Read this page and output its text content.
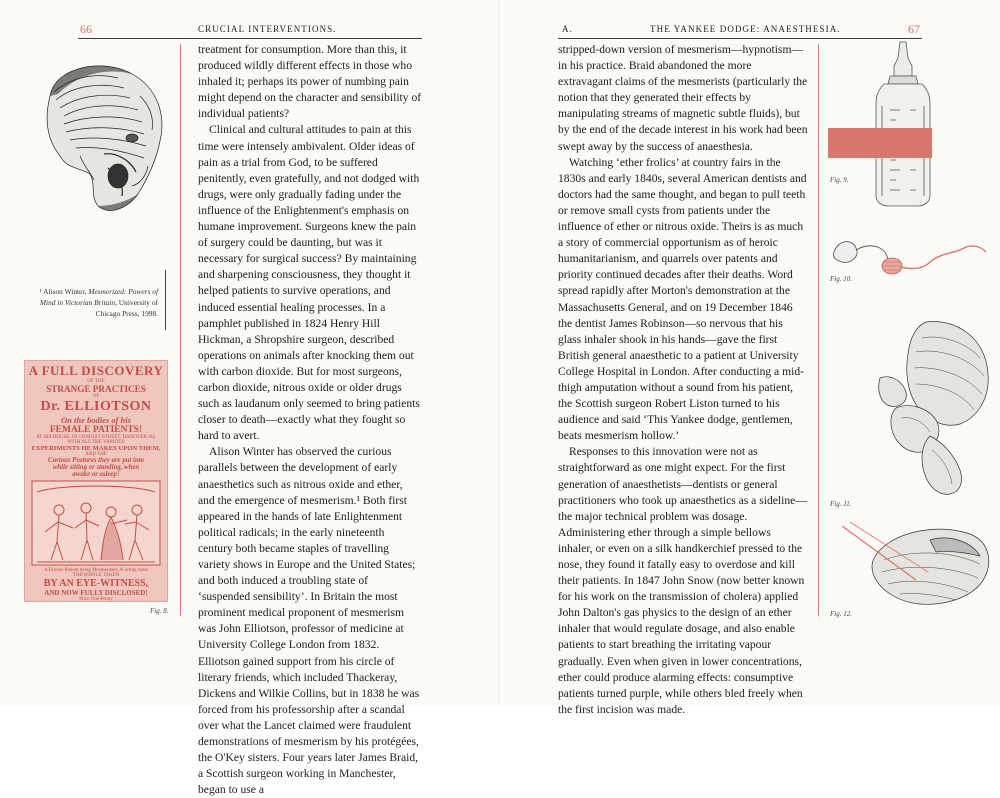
66	CRUCIAL INTERVENTIONS.
¹ Alison Winter, Mesmerized: Powers of Mind in Victorian Britain, University of Chicago Press, 1998.
A FULL DISCOVERY
OF THE
STRANGE PRACTICES
OF
Dr. ELLIOTSON
On the bodies of his
FEMALE PATIENTS!
AT HIS HOUSE, IN CONDUIT STREET, HANOVER SQ.
WITH ALL THE VARIOUS
EXPERIMENTS HE MAKES UPON THEM,
AND THE
Curious Postures they are put into
while sitting or standing, when
awake or asleep!
A Female Patient being Mesmerized, & acting upon
THE WHOLE TAKEN
BY AN EYE-WITNESS,
AND NOW FULLY DISCLOSED!
Price One Penny
Fig. 8.

treatment for consumption. More than this, it produced wildly different effects in those who inhaled it; perhaps its power of numbing pain might depend on the character and sensibility of individual patients?

Clinical and cultural attitudes to pain at this time were intensely ambivalent. Older ideas of pain as a trial from God, to be suffered penitently, even gratefully, and not dodged with drugs, were only gradually fading under the influence of the Enlightenment's emphasis on humane improvement. Surgeons knew the pain of surgery could be daunting, but was it necessary for surgical success? By maintaining and sharpening consciousness, they thought it helped patients to survive operations, and induced essential healing processes. In a pamphlet published in 1824 Henry Hill Hickman, a Shropshire surgeon, described operations on animals after knocking them out with carbon dioxide. But for most surgeons, carbon dioxide, nitrous oxide or older drugs such as laudanum only seemed to bring patients closer to death—exactly what they fought so hard to avert.

Alison Winter has observed the curious parallels between the development of early anaesthetics such as nitrous oxide and ether, and the emergence of mesmerism.¹ Both first appeared in the hands of late Enlightenment political radicals; in the early nineteenth century both became staples of travelling variety shows in Europe and the United States; and both induced a troubling state of ‘suspended sensibility’. In Britain the most prominent medical proponent of mesmerism was John Elliotson, professor of medicine at University College London from 1832. Elliotson gained support from his circle of literary friends, which included Thackeray, Dickens and Wilkie Collins, but in 1838 he was forced from his professorship after a scandal over what the Lancet claimed were fraudulent demonstrations of mesmerism by his protégées, the O'Key sisters. Four years later James Braid, a Scottish surgeon working in Manchester, began to use a

A.	THE YANKEE DODGE: ANAESTHESIA.	67

stripped-down version of mesmerism—hypnotism—in his practice. Braid abandoned the more extravagant claims of the mesmerists (particularly the notion that they generated their effects by manipulating streams of magnetic subtle fluids), but by the end of the decade interest in his work had been swept away by the success of anaesthesia.

Watching ‘ether frolics’ at country fairs in the 1830s and early 1840s, several American dentists and doctors had the same thought, and began to pull teeth or remove small cysts from patients under the influence of ether or nitrous oxide. Theirs is as much a story of commercial opportunism as of heroic humanitarianism, and quarrels over patents and priority continued decades after their deaths. Word spread rapidly after Morton's demonstration at the Massachusetts General, and on 19 December 1846 the dentist James Robinson—so nervous that his glass inhaler shook in his hands—gave the first British general anaesthetic to a patient at University College Hospital in London. After conducting a mid-thigh amputation without a sound from his patient, the Scottish surgeon Robert Liston turned to his audience and said ‘This Yankee dodge, gentlemen, beats mesmerism hollow.’

Responses to this innovation were not as straightforward as one might expect. For the first generation of anaesthetists—dentists or general practitioners who took up anaesthetics as a sideline—the major technical problem was dosage. Administering ether through a simple bellows inhaler, or even on a silk handkerchief pressed to the nose, they found it fatally easy to overdose and kill their patients. In 1847 John Snow (now better known for his work on the transmission of cholera) applied John Dalton's gas physics to the design of an ether inhaler that would regulate dosage, and also enable patients to start breathing the irritating vapour gradually. Even when given in lower concentrations, ether could produce alarming effects: consumptive patients turned purple, while others bled freely when the first incision was made.

Fig. 9.
Fig. 10.
Fig. 11.
Fig. 12.
